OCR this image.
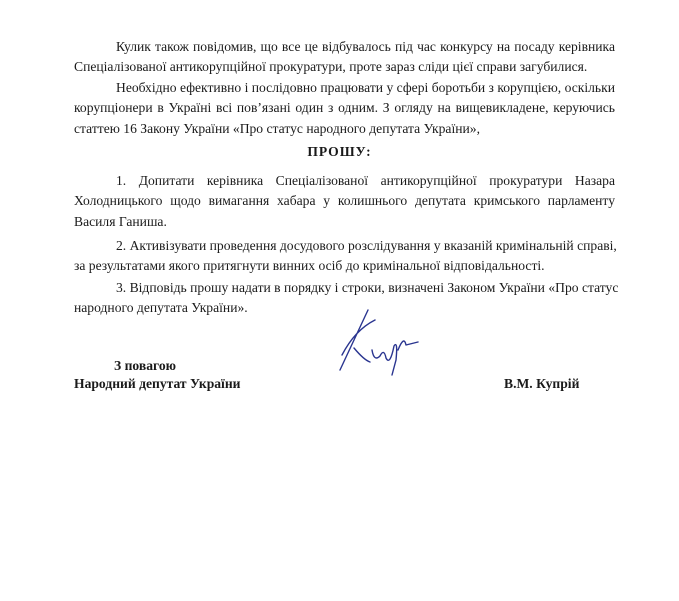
Кулик також повідомив, що все це відбувалось під час конкурсу на посаду керівника
Спеціалізованої антикорупційної прокуратури, проте зараз сліди цієї справи загубилися.
Необхідно ефективно і послідовно працювати у сфері боротьби з корупцією, оскільки
корупціонери в Україні всі пов’язані один з одним. З огляду на вищевикладене, керуючись
статтею 16 Закону України «Про статус народного депутата України»,
ПРОШУ:
1. Допитати керівника Спеціалізованої антикорупційної прокуратури Назара
Холодницького щодо вимагання хабара у колишнього депутата кримського парламенту
Василя Ганиша.
2. Активізувати проведення досудового розслідування у вказаній кримінальній справі,
за результатами якого притягнути винних осіб до кримінальної відповідальності.
3. Відповідь прошу надати в порядку і строки, визначені Законом України «Про статус
народного депутата України».
З повагою
Народний депутат України	В.М. Купрій
